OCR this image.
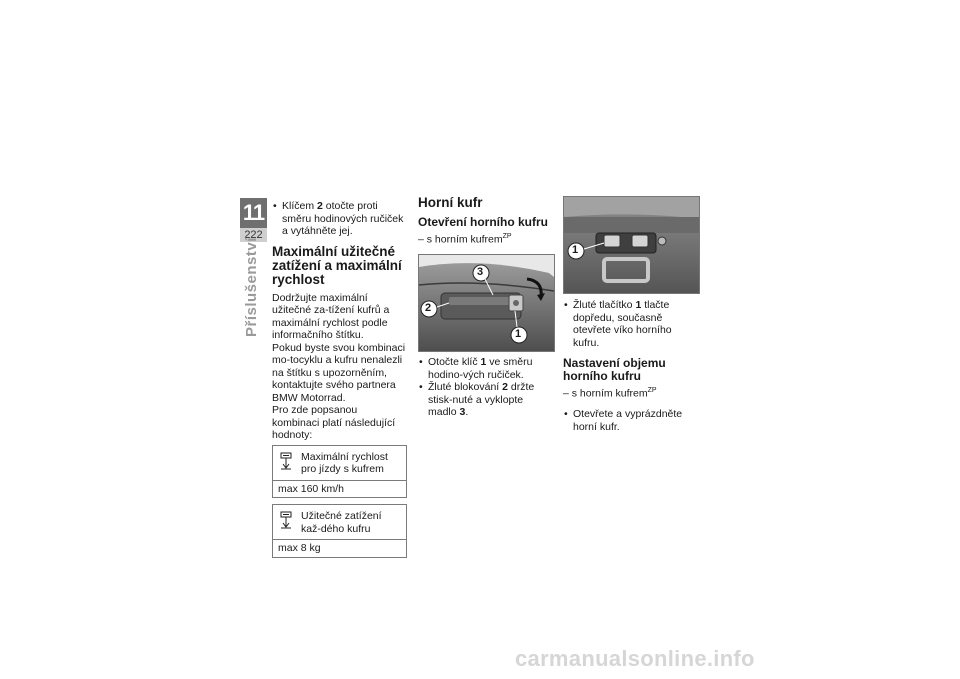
11
222
Příslušenství

• Klíčem 2 otočte proti směru hodinových ručiček a vytáhněte jej.

Maximální užitečné zatížení a maximální rychlost

Dodržujte maximální užitečné za-tížení kufrů a maximální rychlost podle informačního štítku.

Pokud byste svou kombinaci mo-tocyklu a kufru nenalezli na štítku s upozorněním, kontaktujte svého partnera BMW Motorrad.

Pro zde popsanou kombinaci platí následující hodnoty:

Maximální rychlost pro jízdy s kufrem
max 160 km/h
Užitečné zatížení kaž-dého kufru
max 8 kg
Horní kufr
Otevření horního kufru

– s horním kufrem$^{ZP}$

3
2
1

• Otočte klíč 1 ve směru hodino-vých ručiček.

• Žluté blokování 2 držte stisk-nuté a vyklopte madlo 3.

1

• Žluté tlačítko 1 tlačte dopředu, současně otevřete víko horního kufru.

Nastavení objemu horního kufru

– s horním kufrem$^{ZP}$

• Otevřete a vyprázdněte horní kufr.

carmanualsonline.info
